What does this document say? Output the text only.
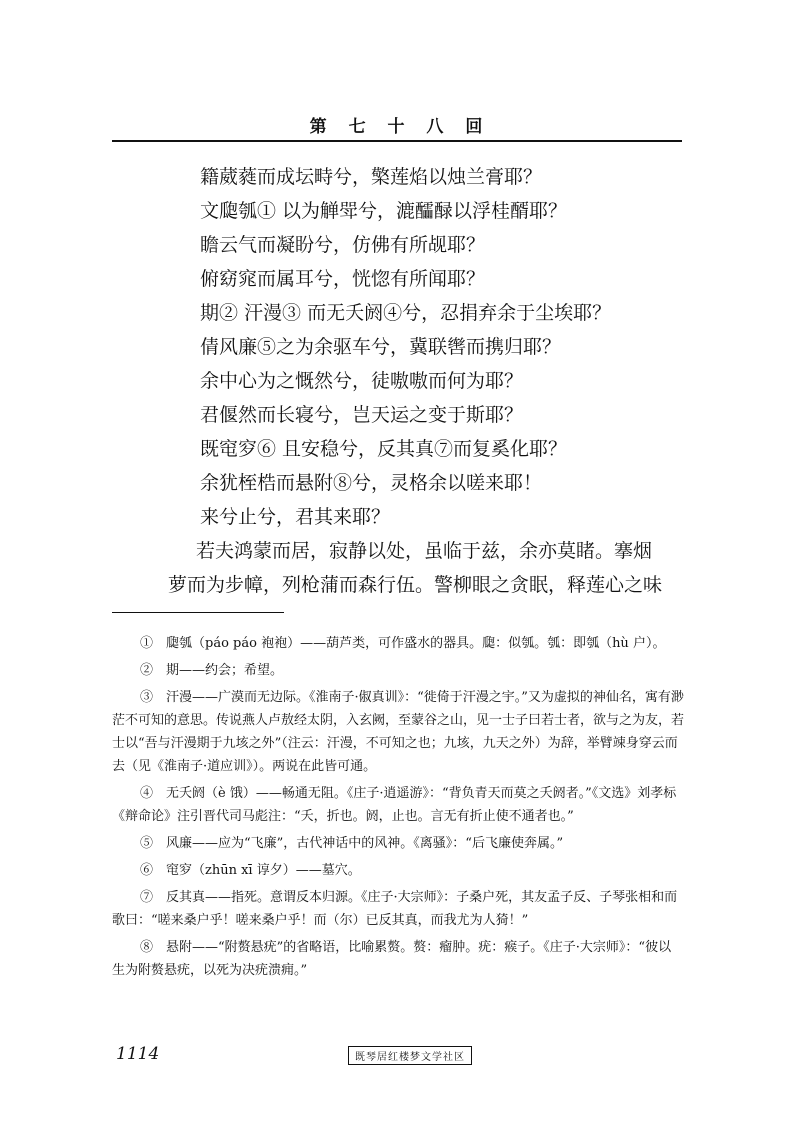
第 七 十 八 回
籍葳蕤而成坛畤兮，檠莲焰以烛兰膏耶？
文瓟瓠① 以为觯斝兮，漉醽醁以浮桂醑耶？
瞻云气而凝盼兮，仿佛有所觇耶？
俯窈窕而属耳兮，恍惚有所闻耶？
期② 汗漫③ 而无夭阏④兮，忍捐弃余于尘埃耶？
倩风廉⑤之为余驱车兮，冀联辔而携归耶？
余中心为之慨然兮，徒嗷嗷而何为耶？
君偃然而长寝兮，岂天运之变于斯耶？
既窀穸⑥ 且安稳兮，反其真⑦而复奚化耶？
余犹桎梏而悬附⑧兮，灵格余以嗟来耶！
来兮止兮，君其来耶？
若夫鸿蒙而居，寂静以处，虽临于兹，余亦莫睹。搴烟
萝而为步幛，列枪蒲而森行伍。警柳眼之贪眠，释莲心之味
①　瓟瓠（páo páo 袍袍）——葫芦类，可作盛水的器具。瓟：似瓠。瓠：即瓠（hù 户）。
②　期——约会；希望。
③　汗漫——广漠而无边际。《淮南子·俶真训》：“徙倚于汗漫之宇。”又为虚拟的神仙名，寓有渺茫不可知的意思。传说燕人卢敖经太阴，入玄阙，至蒙谷之山，见一士子曰若士者，欲与之为友，若士以“吾与汗漫期于九垓之外”（注云：汗漫，不可知之也；九垓，九天之外）为辞，举臂竦身穿云而去（见《淮南子·道应训》）。两说在此皆可通。
④　无夭阏（è 饿）——畅通无阻。《庄子·逍遥游》：“背负青天而莫之夭阏者。”《文选》刘孝标《辩命论》注引晋代司马彪注：“夭，折也。阏，止也。言无有折止使不通者也。”
⑤　风廉——应为“飞廉”，古代神话中的风神。《离骚》：“后飞廉使奔属。”
⑥　窀穸（zhūn xī 谆夕）——墓穴。
⑦　反其真——指死。意谓反本归源。《庄子·大宗师》：子桑户死，其友孟子反、子琴张相和而歌曰：“嗟来桑户乎！嗟来桑户乎！而（尔）已反其真，而我尤为人猗！”
⑧　悬附——“附赘悬疣”的省略语，比喻累赘。赘：瘤肿。疣：瘊子。《庄子·大宗师》：“彼以生为附赘悬疣，以死为决疣溃痈。”
1114	既琴居红楼梦文学社区
